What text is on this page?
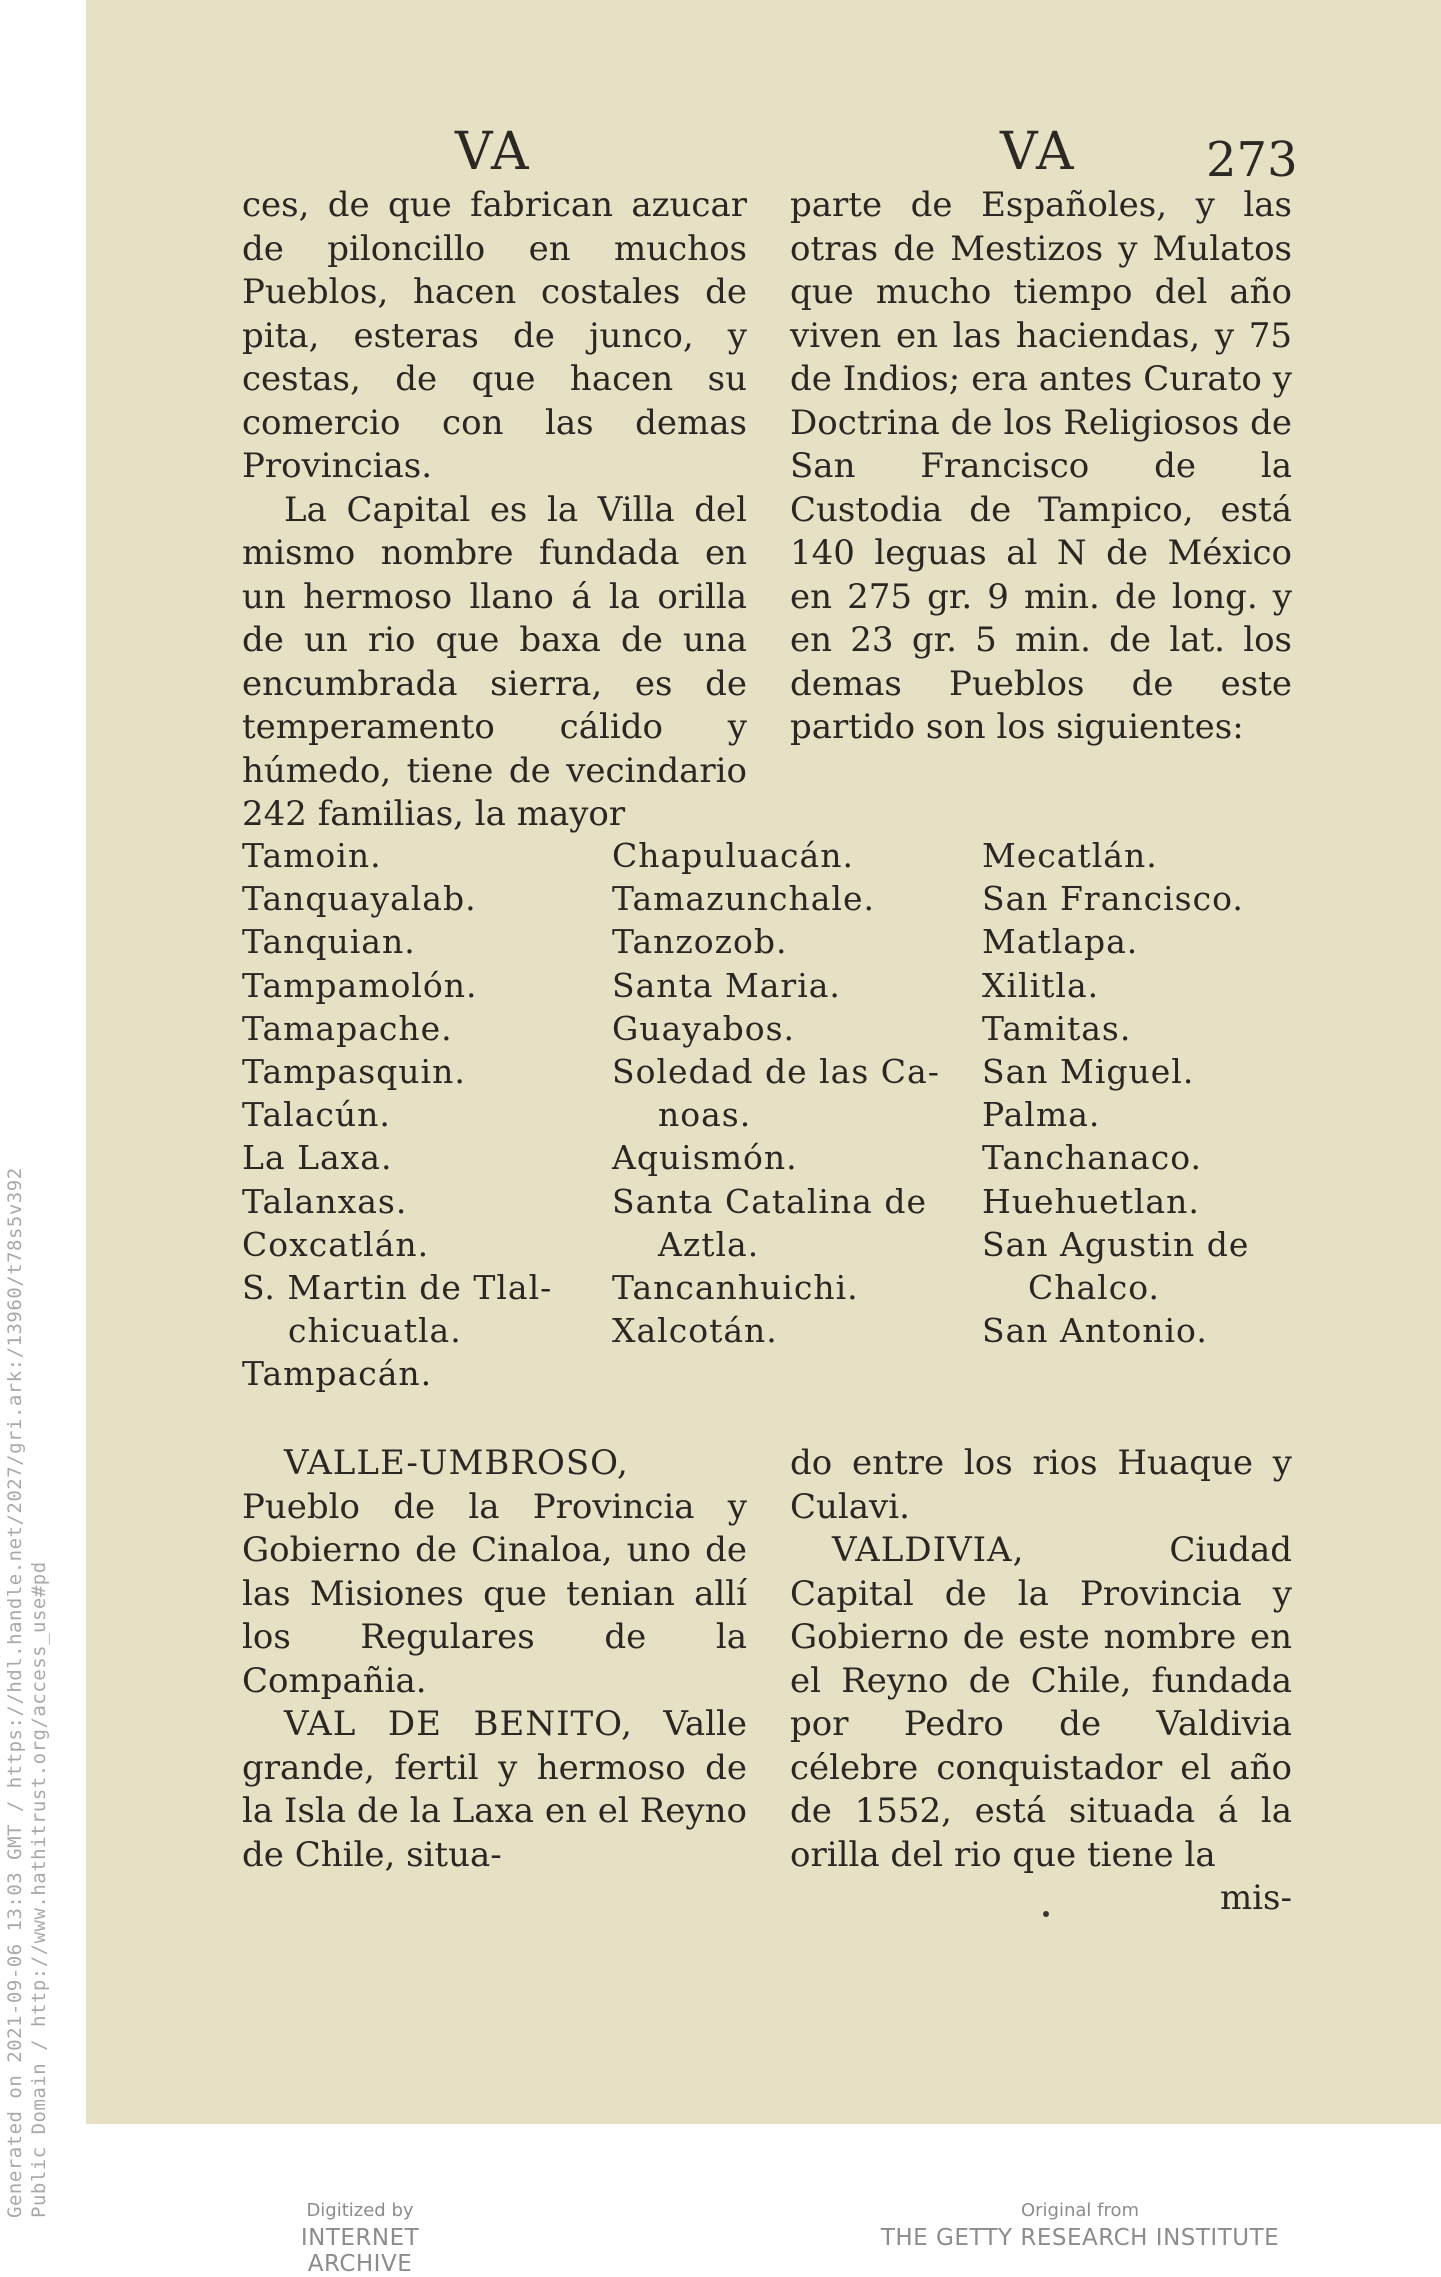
Generated on 2021-09-06 13:03 GMT / https://hdl.handle.net/2027/gri.ark:/13960/t78s5v392 Public Domain / http://www.hathitrust.org/access_use#pd
VA	VA	273

ces, de que fabrican azucar de piloncillo en muchos Pueblos, hacen costales de pita, esteras de junco, y cestas, de que hacen su comercio con las demas Provincias.

La Capital es la Villa del mismo nombre fundada en un hermoso llano á la orilla de un rio que baxa de una encumbrada sierra, es de temperamento cálido y húmedo, tiene de vecindario 242 familias, la mayor

parte de Españoles, y las otras de Mestizos y Mulatos que mucho tiempo del año viven en las haciendas, y 75 de Indios; era antes Curato y Doctrina de los Religiosos de San Francisco de la Custodia de Tampico, está 140 leguas al N de México en 275 gr. 9 min. de long. y en 23 gr. 5 min. de lat. los demas Pueblos de este partido son los siguientes:

Tamoin.
Tanquayalab.
Tanquian.
Tampamolón.
Tamapache.
Tampasquin.
Talacún.
La Laxa.
Talanxas.
Coxcatlán.
S. Martin de Tlal-
chicuatla.
Tampacán.
Chapuluacán.
Tamazunchale.
Tanzozob.
Santa Maria.
Guayabos.
Soledad de las Ca-
noas.
Aquismón.
Santa Catalina de
Aztla.
Tancanhuichi.
Xalcotán.
Mecatlán.
San Francisco.
Matlapa.
Xilitla.
Tamitas.
San Miguel.
Palma.
Tanchanaco.
Huehuetlan.
San Agustin de
Chalco.
San Antonio.

VALLE-UMBROSO, Pueblo de la Provincia y Gobierno de Cinaloa, uno de las Misiones que tenian allí los Regulares de la Compañia.

VAL DE BENITO, Valle grande, fertil y hermoso de la Isla de la Laxa en el Reyno de Chile, situa-

do entre los rios Huaque y Culavi.

VALDIVIA, Ciudad Capital de la Provincia y Gobierno de este nombre en el Reyno de Chile, fundada por Pedro de Valdivia célebre conquistador el año de 1552, está situada á la orilla del rio que tiene la

mis-

Digitized by
INTERNET ARCHIVE
Original from
THE GETTY RESEARCH INSTITUTE
